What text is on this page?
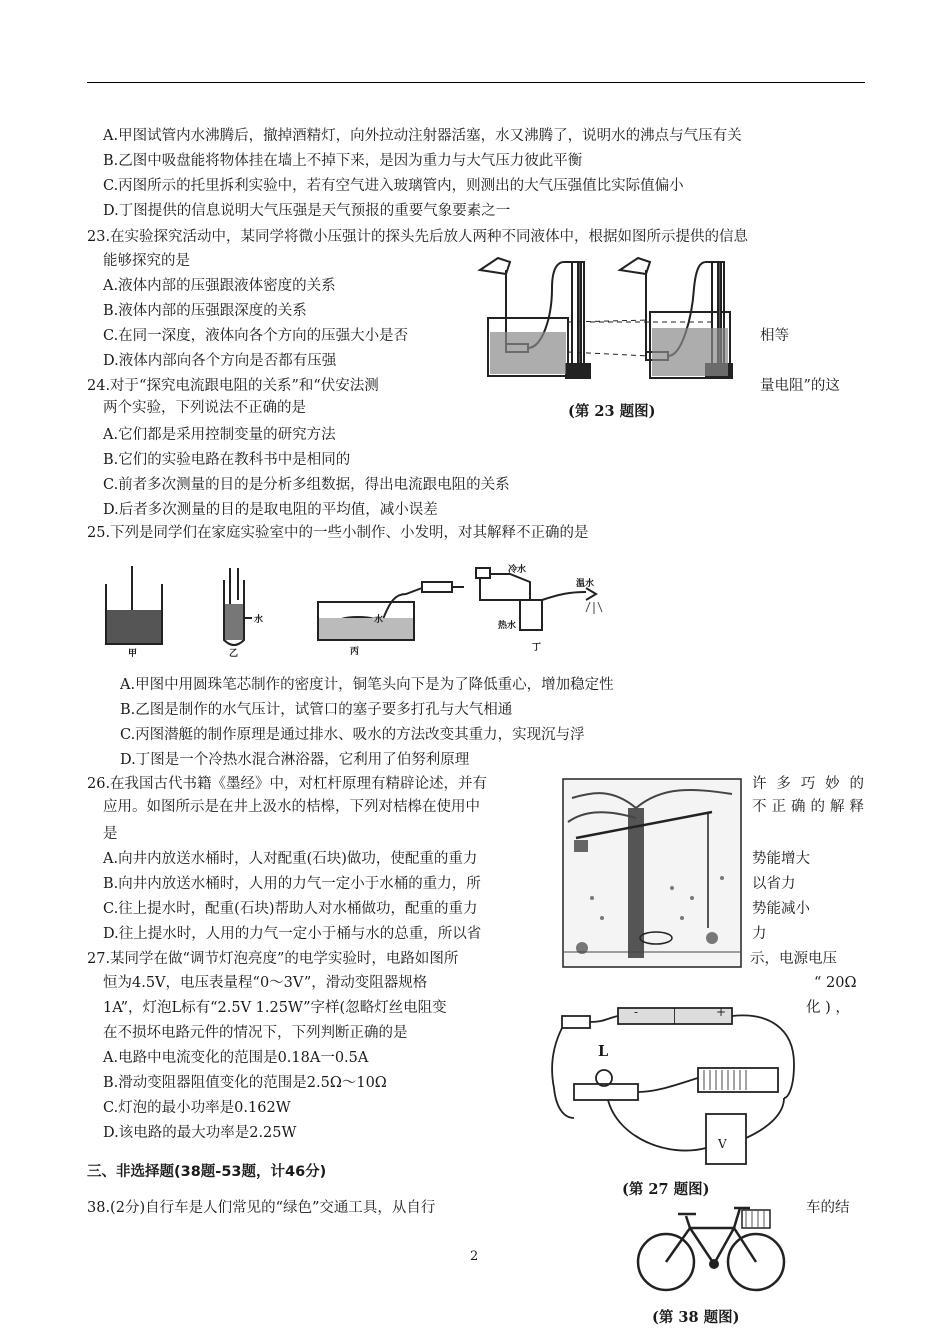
A.甲图试管内水沸腾后，撤掉酒精灯，向外拉动注射器活塞，水又沸腾了，说明水的沸点与气压有关
B.乙图中吸盘能将物体挂在墙上不掉下来，是因为重力与大气压力彼此平衡
C.丙图所示的托里拆利实验中，若有空气进入玻璃管内，则测出的大气压强值比实际值偏小
D.丁图提供的信息说明大气压强是天气预报的重要气象要素之一
23.在实验探究活动中，某同学将微小压强计的探头先后放人两种不同液体中，根据如图所示提供的信息
能够探究的是
A.液体内部的压强跟液体密度的关系
B.液体内部的压强跟深度的关系
C.在同一深度，液体向各个方向的压强大小是否	相等
D.液体内部向各个方向是否都有压强
(第 23 题图)
24.对于“探究电流跟电阻的关系”和“伏安法测	量电阻”的这
两个实验，下列说法不正确的是
A.它们都是采用控制变量的研究方法
B.它们的实验电路在教科书中是相同的
C.前者多次测量的目的是分析多组数据，得出电流跟电阻的关系
D.后者多次测量的目的是取电阻的平均值，减小误差
25.下列是同学们在家庭实验室中的一些小制作、小发明，对其解释不正确的是
甲	乙
水	水
丙
冷水
温水
热水
丁
A.甲图中用圆珠笔芯制作的密度计，铜笔头向下是为了降低重心，增加稳定性
B.乙图是制作的水气压计，试管口的塞子要多打孔与大气相通
C.丙图潜艇的制作原理是通过排水、吸水的方法改变其重力，实现沉与浮
D.丁图是一个冷热水混合淋浴器，它利用了伯努利原理
26.在我国古代书籍《墨经》中，对杠杆原理有精辟论述，并有	许 多 巧 妙 的
应用。如图所示是在井上汲水的桔槔，下列对桔槔在使用中	不正确的解释
是
A.向井内放送水桶时，人对配重(石块)做功，使配重的重力	势能增大
B.向井内放送水桶时，人用的力气一定小于水桶的重力，所	以省力
C.往上提水时，配重(石块)帮助人对水桶做功，配重的重力	势能减小
D.往上提水时，人用的力气一定小于桶与水的总重，所以省	力
27.某同学在做“调节灯泡亮度”的电学实验时，电路如图所	示，电源电压
恒为4.5V，电压表量程“0～3V”，滑动变阻器规格	“ 20Ω
1A”，灯泡L标有“2.5V 1.25W”字样(忽略灯丝电阻变	化 ) ，
在不损坏电路元件的情况下，下列判断正确的是
A.电路中电流变化的范围是0.18A一0.5A
B.滑动变阻器阻值变化的范围是2.5Ω～10Ω
C.灯泡的最小功率是0.162W
D.该电路的最大功率是2.25W
+
-
L
V
(第 27 题图)
三、非选择题(38题-53题，计46分)
38.(2分)自行车是人们常见的“绿色”交通工具，从自行	车的结
(第 38 题图)
2
